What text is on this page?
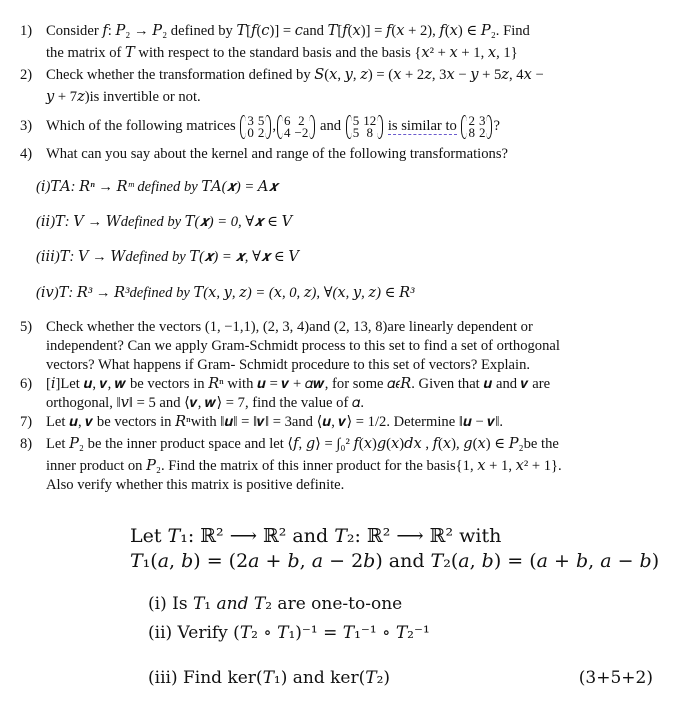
1) Consider 𝑓: 𝑃₂ → 𝑃₂ defined by 𝑇[𝑓(𝑐)] = 𝑐and 𝑇[𝑓(𝑥)] = 𝑓(𝑥 + 2), 𝑓(𝑥) ∈ 𝑃₂. Find
the matrix of 𝑇 with respect to the standard basis and the basis {𝑥² + 𝑥 + 1, 𝑥, 1}
2) Check whether the transformation defined by 𝑆(𝑥, 𝑦, 𝑧) = (𝑥 + 2𝑧, 3𝑥 − 𝑦 + 5𝑧, 4𝑥 −
𝑦 + 7𝑧)is invertible or not.
3) Which of the following matrices 3	5
0	2 , 6	2
4	−2 and 5	12
5	8 is similar to 2	3
8	2 ?
4) What can you say about the kernel and range of the following transformations?
(𝑖)𝑇𝐴: 𝑅ⁿ → 𝑅ᵐ defined by 𝑇𝐴(𝒙) = 𝐴𝒙
(𝑖𝑖)𝑇: 𝑉 → 𝑊defined by 𝑇(𝒙) = 0, ∀𝒙 ∈ 𝑉
(𝑖𝑖𝑖)𝑇: 𝑉 → 𝑊defined by 𝑇(𝒙) = 𝒙, ∀𝒙 ∈ 𝑉
(𝑖𝑣)𝑇: 𝑅³ → 𝑅³defined by 𝑇(𝑥, 𝑦, 𝑧) = (𝑥, 0, 𝑧), ∀(𝑥, 𝑦, 𝑧) ∈ 𝑅³
5) Check whether the vectors (1, −1,1), (2, 3, 4)and (2, 13, 8)are linearly dependent or
independent? Can we apply Gram-Schmidt process to this set to find a set of orthogonal
vectors? What happens if Gram- Schmidt procedure to this set of vectors? Explain.
6) [𝑖]Let 𝒖, 𝒗, 𝒘 be vectors in 𝑅ⁿ with 𝒖 = 𝒗 + 𝛼𝒘, for some 𝛼𝜖𝑅. Given that 𝒖 and 𝒗 are
orthogonal, ‖𝑣‖ = 5 and ⟨𝒗, 𝒘⟩ = 7, find the value of 𝛼.
7) Let 𝒖, 𝒗 be vectors in 𝑅ⁿwith ‖𝒖‖ = ‖𝒗‖ = 3and ⟨𝒖, 𝒗⟩ = 1/2. Determine ‖𝒖 − 𝒗‖.
8) Let 𝑃₂ be the inner product space and let ⟨𝑓, 𝑔⟩ = ∫₀² 𝑓(𝑥)𝑔(𝑥)𝑑𝑥 , 𝑓(𝑥), 𝑔(𝑥) ∈ 𝑃₂be the
inner product on 𝑃₂. Find the matrix of this inner product for the basis{1, 𝑥 + 1, 𝑥² + 1}.
Also verify whether this matrix is positive definite.
Let 𝑇₁: ℝ² ⟶ ℝ² and 𝑇₂: ℝ² ⟶ ℝ² with
𝑇₁(𝑎, 𝑏) = (2𝑎 + 𝑏, 𝑎 − 2𝑏) and 𝑇₂(𝑎, 𝑏) = (𝑎 + 𝑏, 𝑎 − 𝑏)
(i) Is 𝑇₁ 𝑎𝑛𝑑 𝑇₂ are one-to-one
(ii) Verify (𝑇₂ ∘ 𝑇₁)⁻¹ = 𝑇₁⁻¹ ∘ 𝑇₂⁻¹
(iii) Find ker(𝑇₁) and ker(𝑇₂)	(3+5+2)
